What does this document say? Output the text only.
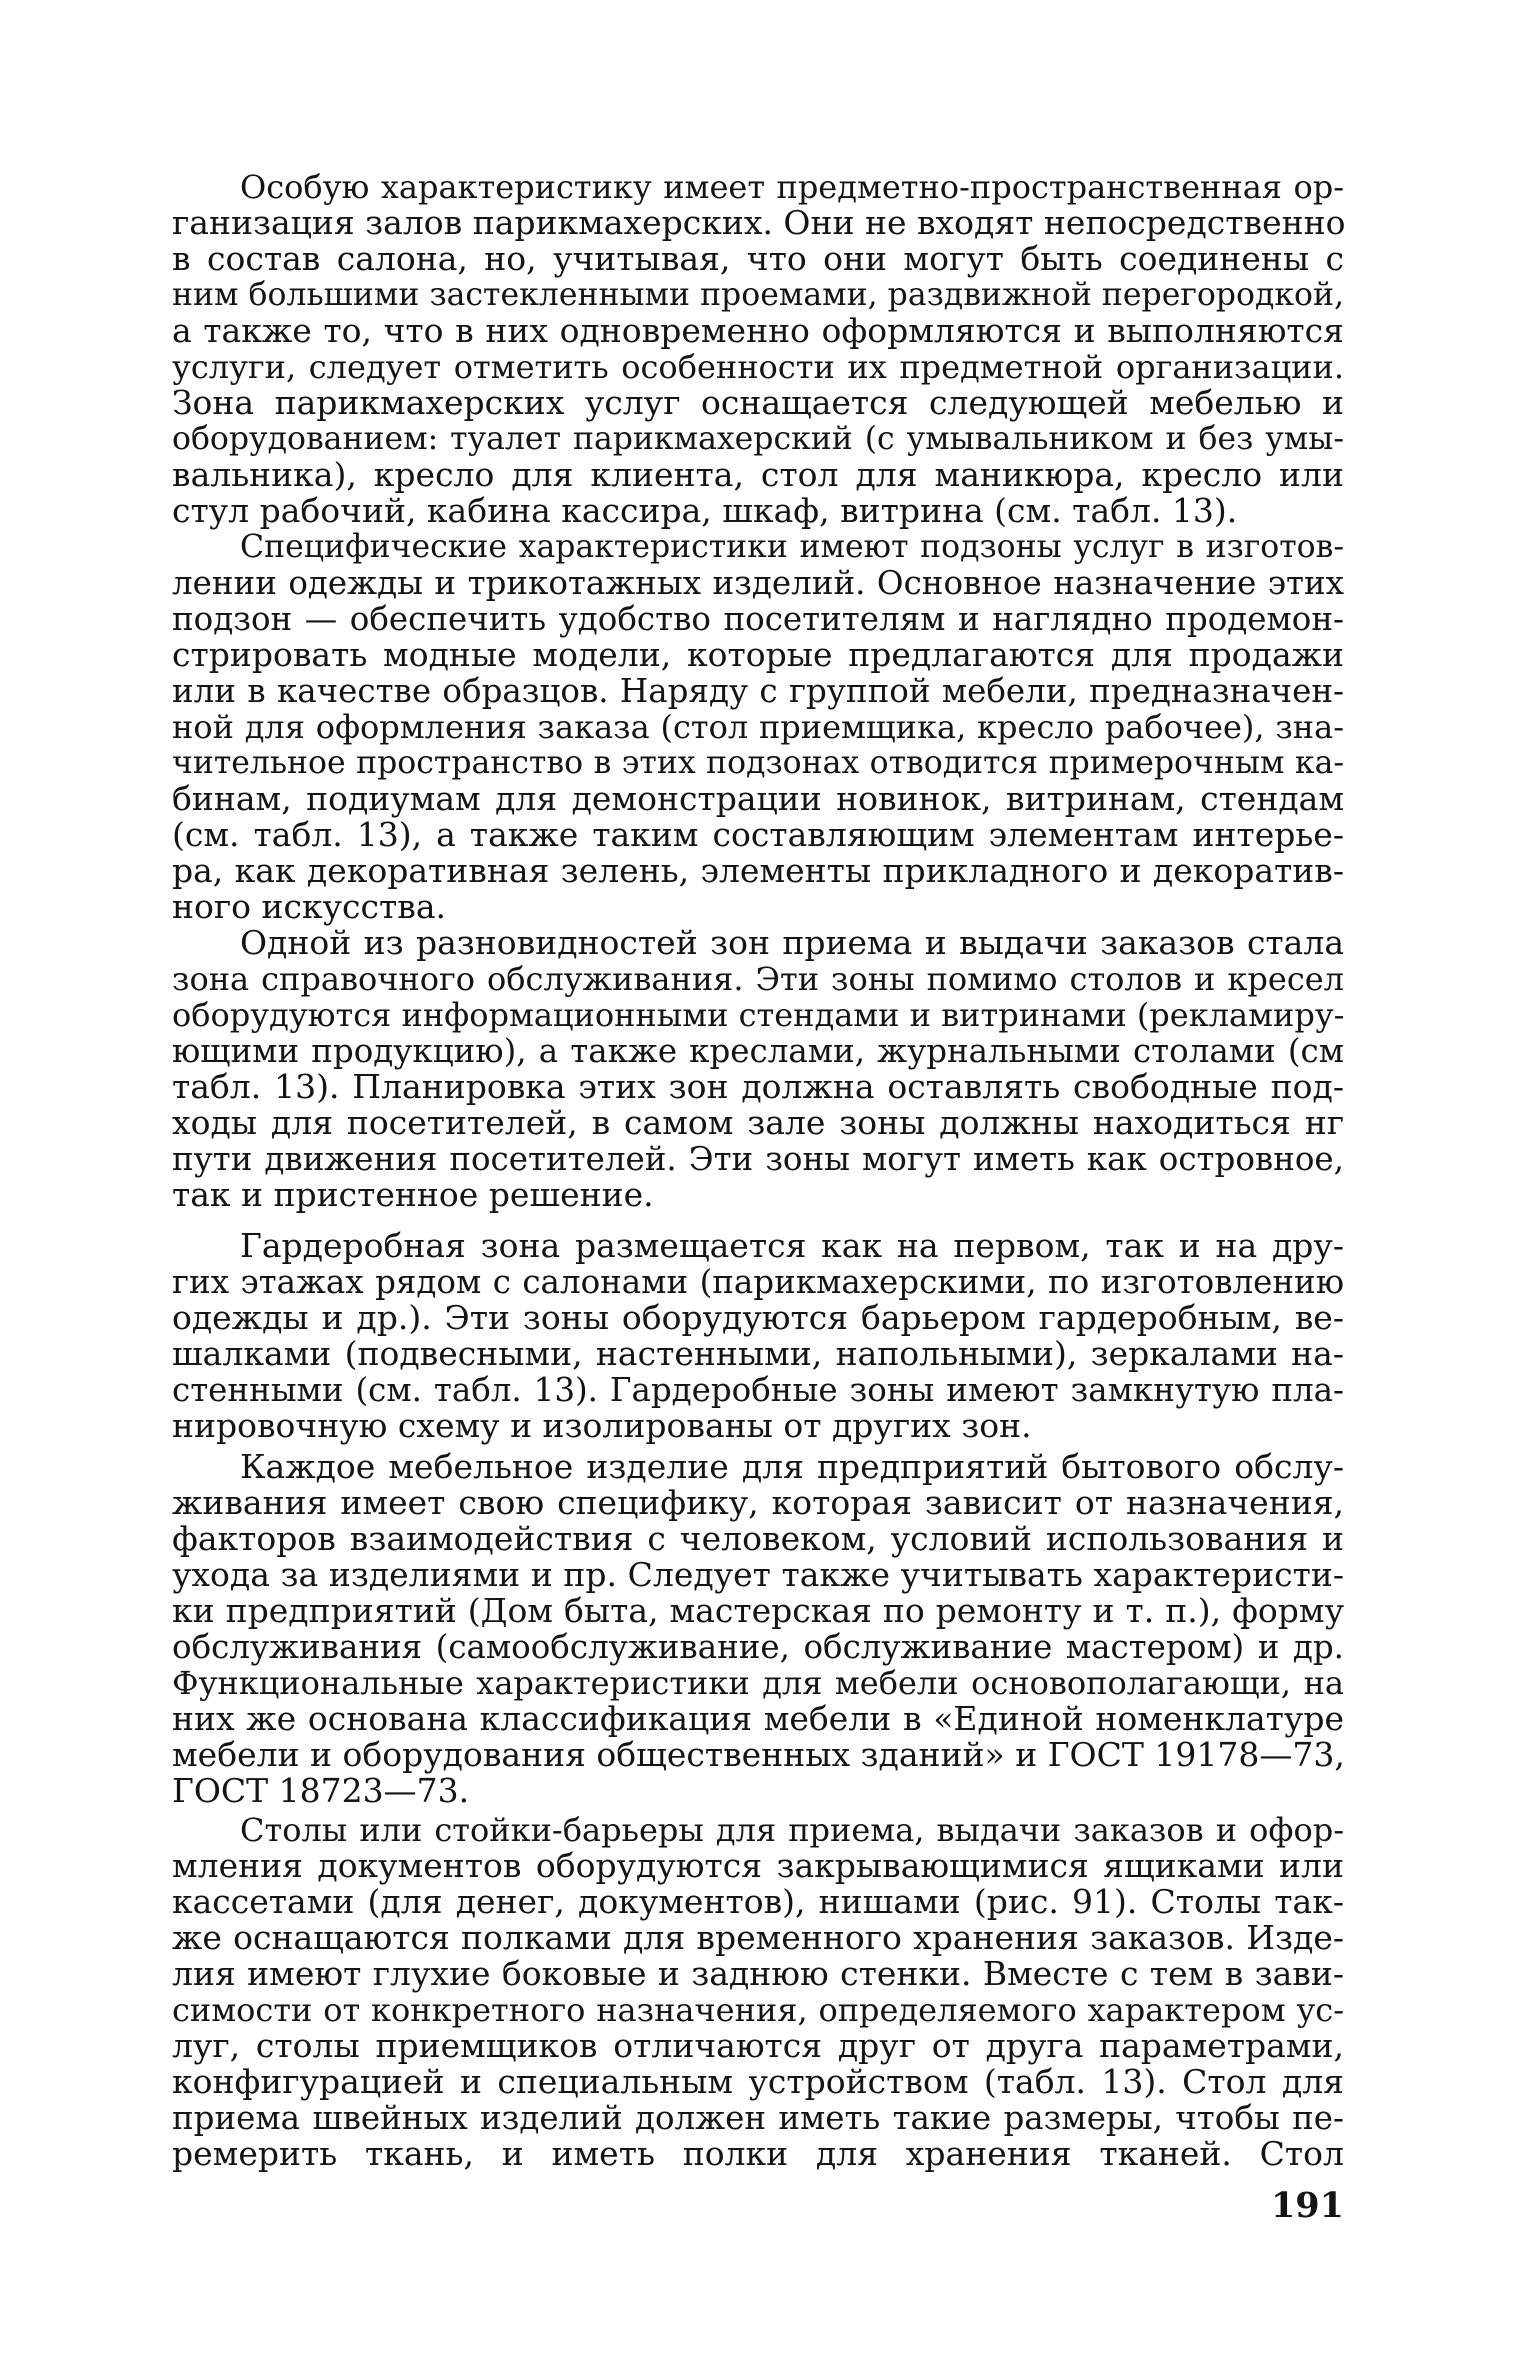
Особую характеристику имеет предметно-пространственная ор-

ганизация залов парикмахерских. Они не входят непосредственно

в состав салона, но, учитывая, что они могут быть соединены с

ним большими застекленными проемами, раздвижной перегородкой,

а также то, что в них одновременно оформляются и выполняются

услуги, следует отметить особенности их предметной организации.

Зона парикмахерских услуг оснащается следующей мебелью и

оборудованием: туалет парикмахерский (с умывальником и без умы-

вальника), кресло для клиента, стол для маникюра, кресло или

стул рабочий, кабина кассира, шкаф, витрина (см. табл. 13).

Специфические характеристики имеют подзоны услуг в изготов-

лении одежды и трикотажных изделий. Основное назначение этих

подзон — обеспечить удобство посетителям и наглядно продемон-

стрировать модные модели, которые предлагаются для продажи

или в качестве образцов. Наряду с группой мебели, предназначен-

ной для оформления заказа (стол приемщика, кресло рабочее), зна-

чительное пространство в этих подзонах отводится примерочным ка-

бинам, подиумам для демонстрации новинок, витринам, стендам

(см. табл. 13), а также таким составляющим элементам интерье-

ра, как декоративная зелень, элементы прикладного и декоратив-

ного искусства.

Одной из разновидностей зон приема и выдачи заказов стала

зона справочного обслуживания. Эти зоны помимо столов и кресел

оборудуются информационными стендами и витринами (рекламиру-

ющими продукцию), а также креслами, журнальными столами (см

табл. 13). Планировка этих зон должна оставлять свободные под-

ходы для посетителей, в самом зале зоны должны находиться нг

пути движения посетителей. Эти зоны могут иметь как островное,

так и пристенное решение.

Гардеробная зона размещается как на первом, так и на дру-

гих этажах рядом с салонами (парикмахерскими, по изготовлению

одежды и др.). Эти зоны оборудуются барьером гардеробным, ве-

шалками (подвесными, настенными, напольными), зеркалами на-

стенными (см. табл. 13). Гардеробные зоны имеют замкнутую пла-

нировочную схему и изолированы от других зон.

Каждое мебельное изделие для предприятий бытового обслу-

живания имеет свою специфику, которая зависит от назначения,

факторов взаимодействия с человеком, условий использования и

ухода за изделиями и пр. Следует также учитывать характеристи-

ки предприятий (Дом быта, мастерская по ремонту и т. п.), форму

обслуживания (самообслуживание, обслуживание мастером) и др.

Функциональные характеристики для мебели основополагающи, на

них же основана классификация мебели в «Единой номенклатуре

мебели и оборудования общественных зданий» и ГОСТ 19178—73,

ГОСТ 18723—73.

Столы или стойки-барьеры для приема, выдачи заказов и офор-

мления документов оборудуются закрывающимися ящиками или

кассетами (для денег, документов), нишами (рис. 91). Столы так-

же оснащаются полками для временного хранения заказов. Изде-

лия имеют глухие боковые и заднюю стенки. Вместе с тем в зави-

симости от конкретного назначения, определяемого характером ус-

луг, столы приемщиков отличаются друг от друга параметрами,

конфигурацией и специальным устройством (табл. 13). Стол для

приема швейных изделий должен иметь такие размеры, чтобы пе-

ремерить ткань, и иметь полки для хранения тканей. Стол

191
